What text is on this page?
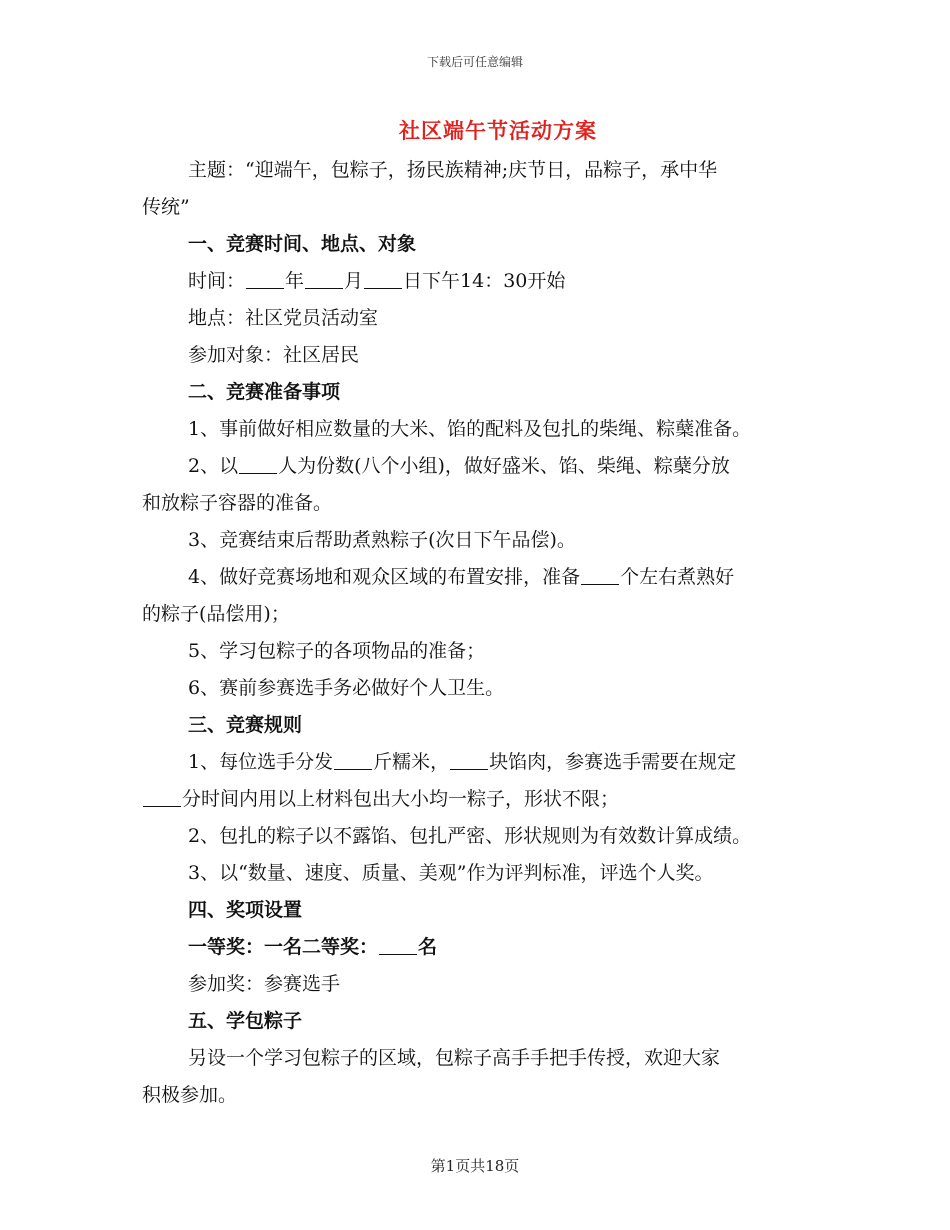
下载后可任意编辑
社区端午节活动方案

主题：“迎端午，包粽子，扬民族精神;庆节日，品粽子，承中华

传统”

一、竞赛时间、地点、对象

时间： 年 月 日下午14：30开始

地点：社区党员活动室

参加对象：社区居民

二、竞赛准备事项

1、事前做好相应数量的大米、馅的配料及包扎的柴绳、粽蘖准备。

2、以 人为份数(八个小组)，做好盛米、馅、柴绳、粽蘖分放

和放粽子容器的准备。

3、竞赛结束后帮助煮熟粽子(次日下午品偿)。

4、做好竞赛场地和观众区域的布置安排，准备 个左右煮熟好

的粽子(品偿用)；

5、学习包粽子的各项物品的准备；

6、赛前参赛选手务必做好个人卫生。

三、竞赛规则

1、每位选手分发 斤糯米， 块馅肉，参赛选手需要在规定

分时间内用以上材料包出大小均一粽子，形状不限；

2、包扎的粽子以不露馅、包扎严密、形状规则为有效数计算成绩。

3、以“数量、速度、质量、美观”作为评判标准，评选个人奖。

四、奖项设置

一等奖：一名二等奖： 名

参加奖：参赛选手

五、学包粽子

另设一个学习包粽子的区域，包粽子高手手把手传授，欢迎大家

积极参加。

第1页共18页
